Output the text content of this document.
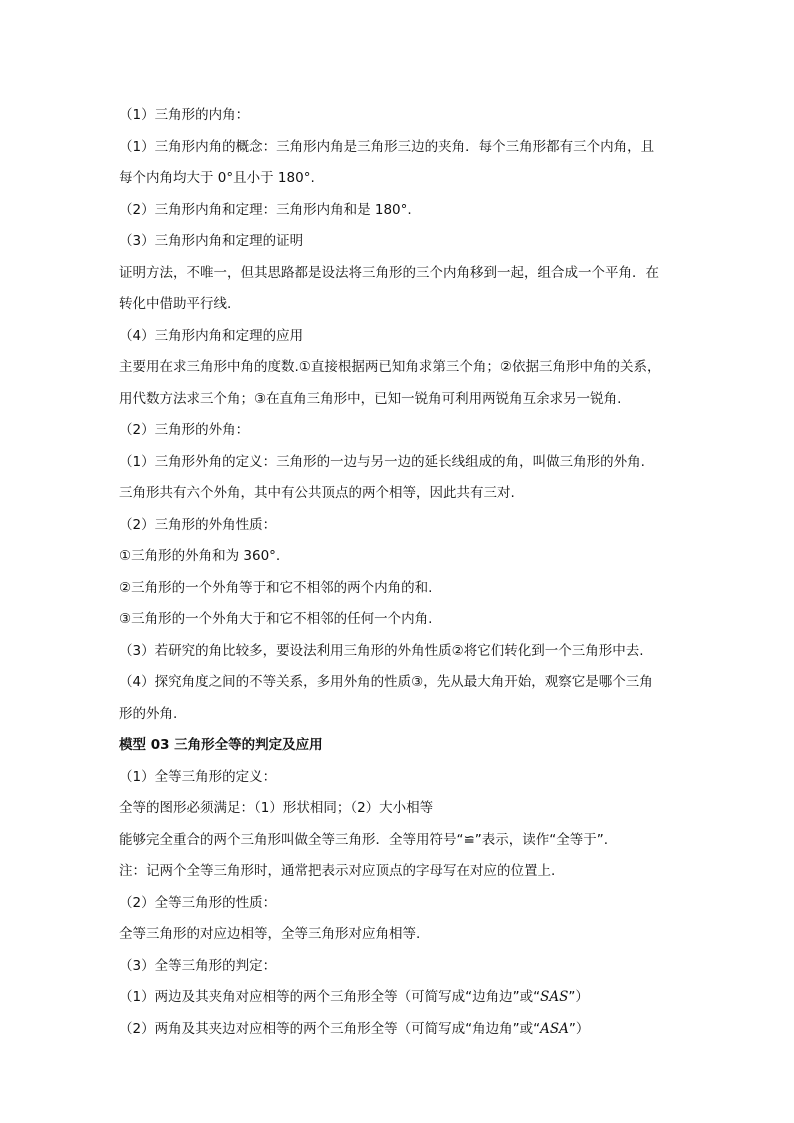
（1）三角形的内角：
（1）三角形内角的概念：三角形内角是三角形三边的夹角．每个三角形都有三个内角，且
每个内角均大于 0°且小于 180°.
（2）三角形内角和定理：三角形内角和是 180°.
（3）三角形内角和定理的证明
证明方法，不唯一，但其思路都是设法将三角形的三个内角移到一起，组合成一个平角．在
转化中借助平行线.
（4）三角形内角和定理的应用
主要用在求三角形中角的度数.①直接根据两已知角求第三个角；②依据三角形中角的关系，
用代数方法求三个角；③在直角三角形中，已知一锐角可利用两锐角互余求另一锐角.
（2）三角形的外角：
（1）三角形外角的定义：三角形的一边与另一边的延长线组成的角，叫做三角形的外角.
三角形共有六个外角，其中有公共顶点的两个相等，因此共有三对.
（2）三角形的外角性质：
①三角形的外角和为 360°.
②三角形的一个外角等于和它不相邻的两个内角的和.
③三角形的一个外角大于和它不相邻的任何一个内角.
（3）若研究的角比较多，要设法利用三角形的外角性质②将它们转化到一个三角形中去.
（4）探究角度之间的不等关系，多用外角的性质③，先从最大角开始，观察它是哪个三角
形的外角.
模型 03 三角形全等的判定及应用
（1）全等三角形的定义：
全等的图形必须满足：（1）形状相同；（2）大小相等
能够完全重合的两个三角形叫做全等三角形．全等用符号“≌”表示，读作“全等于”.
注：记两个全等三角形时，通常把表示对应顶点的字母写在对应的位置上.
（2）全等三角形的性质：
全等三角形的对应边相等，全等三角形对应角相等.
（3）全等三角形的判定：
（1）两边及其夹角对应相等的两个三角形全等（可简写成“边角边”或“SAS”）
（2）两角及其夹边对应相等的两个三角形全等（可简写成“角边角”或“ASA”）
